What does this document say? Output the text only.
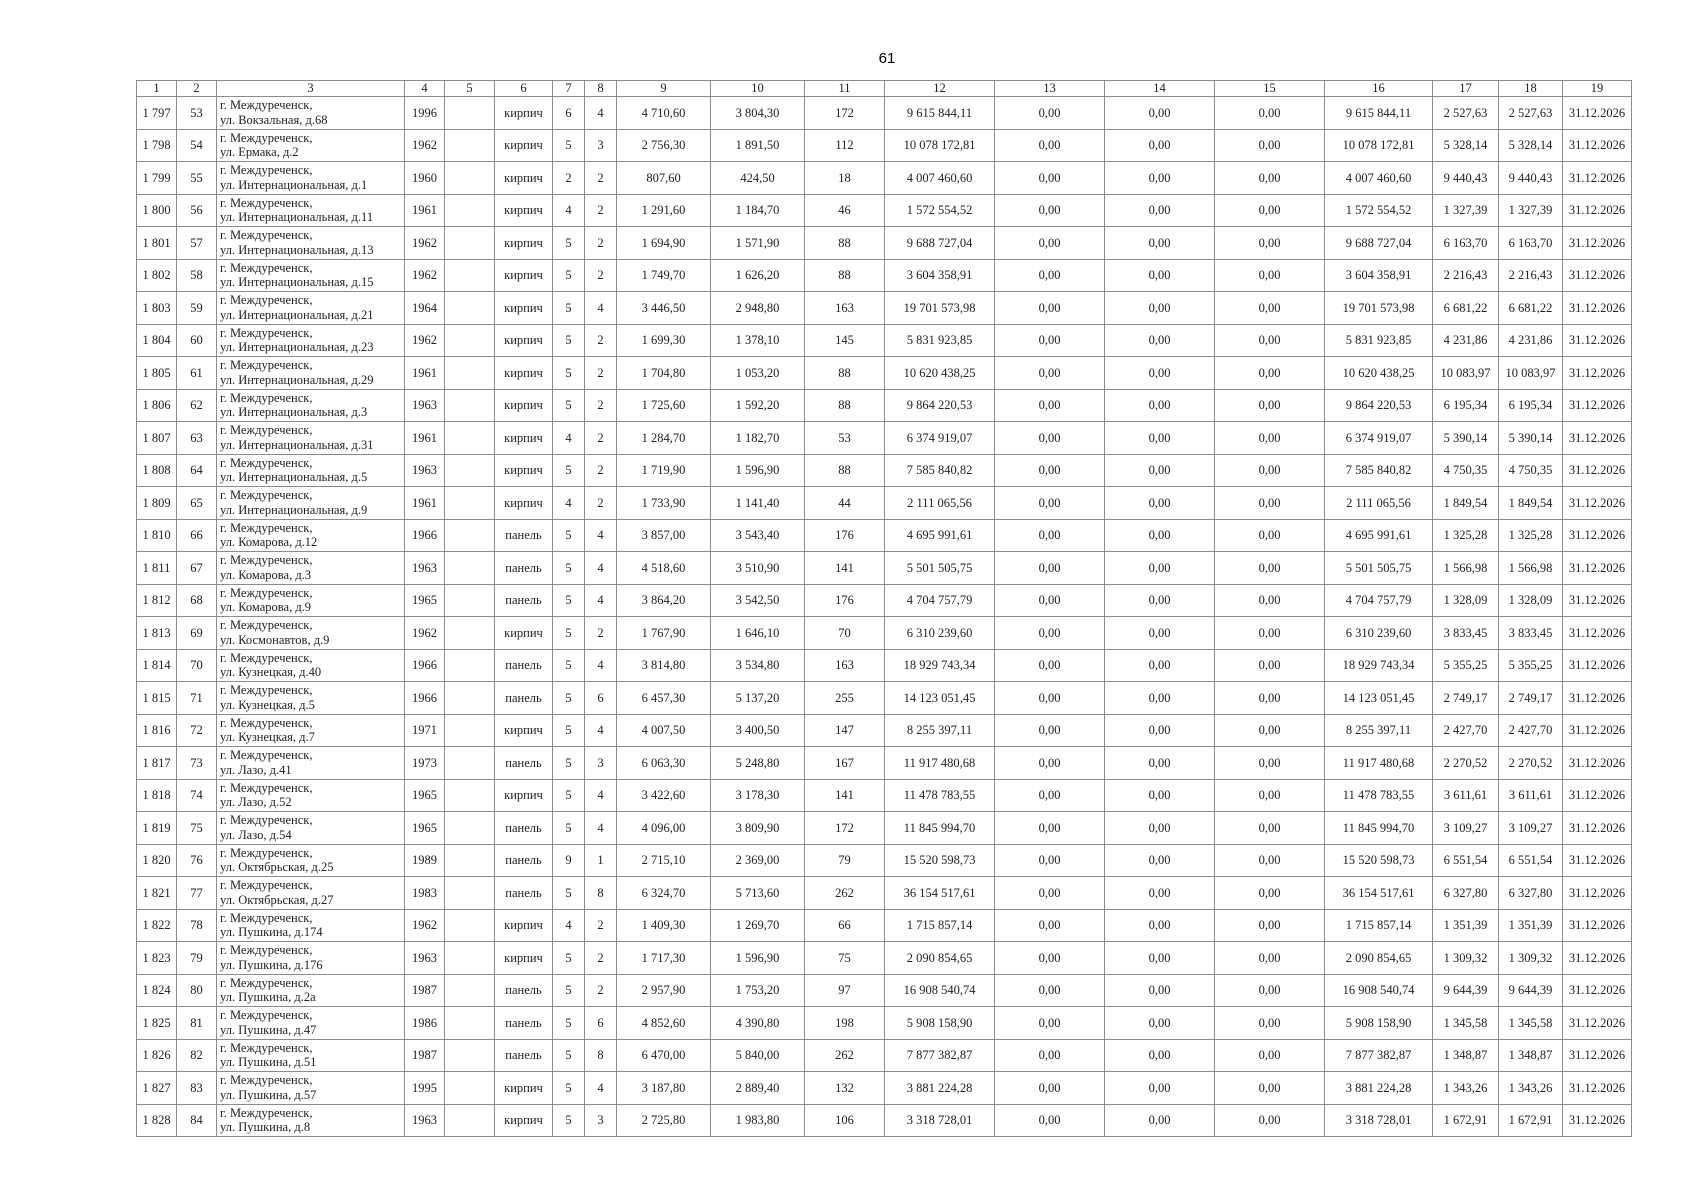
61
1	2	3	4	5	6	7	8	9	10	11	12	13	14	15	16	17	18	19
1 797	53	г. Междуреченск,
ул. Вокзальная, д.68	1996		кирпич	6	4	4 710,60	3 804,30	172	9 615 844,11	0,00	0,00	0,00	9 615 844,11	2 527,63	2 527,63	31.12.2026
1 798	54	г. Междуреченск,
ул. Ермака, д.2	1962		кирпич	5	3	2 756,30	1 891,50	112	10 078 172,81	0,00	0,00	0,00	10 078 172,81	5 328,14	5 328,14	31.12.2026
1 799	55	г. Междуреченск,
ул. Интернациональная, д.1	1960		кирпич	2	2	807,60	424,50	18	4 007 460,60	0,00	0,00	0,00	4 007 460,60	9 440,43	9 440,43	31.12.2026
1 800	56	г. Междуреченск,
ул. Интернациональная, д.11	1961		кирпич	4	2	1 291,60	1 184,70	46	1 572 554,52	0,00	0,00	0,00	1 572 554,52	1 327,39	1 327,39	31.12.2026
1 801	57	г. Междуреченск,
ул. Интернациональная, д.13	1962		кирпич	5	2	1 694,90	1 571,90	88	9 688 727,04	0,00	0,00	0,00	9 688 727,04	6 163,70	6 163,70	31.12.2026
1 802	58	г. Междуреченск,
ул. Интернациональная, д.15	1962		кирпич	5	2	1 749,70	1 626,20	88	3 604 358,91	0,00	0,00	0,00	3 604 358,91	2 216,43	2 216,43	31.12.2026
1 803	59	г. Междуреченск,
ул. Интернациональная, д.21	1964		кирпич	5	4	3 446,50	2 948,80	163	19 701 573,98	0,00	0,00	0,00	19 701 573,98	6 681,22	6 681,22	31.12.2026
1 804	60	г. Междуреченск,
ул. Интернациональная, д.23	1962		кирпич	5	2	1 699,30	1 378,10	145	5 831 923,85	0,00	0,00	0,00	5 831 923,85	4 231,86	4 231,86	31.12.2026
1 805	61	г. Междуреченск,
ул. Интернациональная, д.29	1961		кирпич	5	2	1 704,80	1 053,20	88	10 620 438,25	0,00	0,00	0,00	10 620 438,25	10 083,97	10 083,97	31.12.2026
1 806	62	г. Междуреченск,
ул. Интернациональная, д.3	1963		кирпич	5	2	1 725,60	1 592,20	88	9 864 220,53	0,00	0,00	0,00	9 864 220,53	6 195,34	6 195,34	31.12.2026
1 807	63	г. Междуреченск,
ул. Интернациональная, д.31	1961		кирпич	4	2	1 284,70	1 182,70	53	6 374 919,07	0,00	0,00	0,00	6 374 919,07	5 390,14	5 390,14	31.12.2026
1 808	64	г. Междуреченск,
ул. Интернациональная, д.5	1963		кирпич	5	2	1 719,90	1 596,90	88	7 585 840,82	0,00	0,00	0,00	7 585 840,82	4 750,35	4 750,35	31.12.2026
1 809	65	г. Междуреченск,
ул. Интернациональная, д.9	1961		кирпич	4	2	1 733,90	1 141,40	44	2 111 065,56	0,00	0,00	0,00	2 111 065,56	1 849,54	1 849,54	31.12.2026
1 810	66	г. Междуреченск,
ул. Комарова, д.12	1966		панель	5	4	3 857,00	3 543,40	176	4 695 991,61	0,00	0,00	0,00	4 695 991,61	1 325,28	1 325,28	31.12.2026
1 811	67	г. Междуреченск,
ул. Комарова, д.3	1963		панель	5	4	4 518,60	3 510,90	141	5 501 505,75	0,00	0,00	0,00	5 501 505,75	1 566,98	1 566,98	31.12.2026
1 812	68	г. Междуреченск,
ул. Комарова, д.9	1965		панель	5	4	3 864,20	3 542,50	176	4 704 757,79	0,00	0,00	0,00	4 704 757,79	1 328,09	1 328,09	31.12.2026
1 813	69	г. Междуреченск,
ул. Космонавтов, д.9	1962		кирпич	5	2	1 767,90	1 646,10	70	6 310 239,60	0,00	0,00	0,00	6 310 239,60	3 833,45	3 833,45	31.12.2026
1 814	70	г. Междуреченск,
ул. Кузнецкая, д.40	1966		панель	5	4	3 814,80	3 534,80	163	18 929 743,34	0,00	0,00	0,00	18 929 743,34	5 355,25	5 355,25	31.12.2026
1 815	71	г. Междуреченск,
ул. Кузнецкая, д.5	1966		панель	5	6	6 457,30	5 137,20	255	14 123 051,45	0,00	0,00	0,00	14 123 051,45	2 749,17	2 749,17	31.12.2026
1 816	72	г. Междуреченск,
ул. Кузнецкая, д.7	1971		кирпич	5	4	4 007,50	3 400,50	147	8 255 397,11	0,00	0,00	0,00	8 255 397,11	2 427,70	2 427,70	31.12.2026
1 817	73	г. Междуреченск,
ул. Лазо, д.41	1973		панель	5	3	6 063,30	5 248,80	167	11 917 480,68	0,00	0,00	0,00	11 917 480,68	2 270,52	2 270,52	31.12.2026
1 818	74	г. Междуреченск,
ул. Лазо, д.52	1965		кирпич	5	4	3 422,60	3 178,30	141	11 478 783,55	0,00	0,00	0,00	11 478 783,55	3 611,61	3 611,61	31.12.2026
1 819	75	г. Междуреченск,
ул. Лазо, д.54	1965		панель	5	4	4 096,00	3 809,90	172	11 845 994,70	0,00	0,00	0,00	11 845 994,70	3 109,27	3 109,27	31.12.2026
1 820	76	г. Междуреченск,
ул. Октябрьская, д.25	1989		панель	9	1	2 715,10	2 369,00	79	15 520 598,73	0,00	0,00	0,00	15 520 598,73	6 551,54	6 551,54	31.12.2026
1 821	77	г. Междуреченск,
ул. Октябрьская, д.27	1983		панель	5	8	6 324,70	5 713,60	262	36 154 517,61	0,00	0,00	0,00	36 154 517,61	6 327,80	6 327,80	31.12.2026
1 822	78	г. Междуреченск,
ул. Пушкина, д.174	1962		кирпич	4	2	1 409,30	1 269,70	66	1 715 857,14	0,00	0,00	0,00	1 715 857,14	1 351,39	1 351,39	31.12.2026
1 823	79	г. Междуреченск,
ул. Пушкина, д.176	1963		кирпич	5	2	1 717,30	1 596,90	75	2 090 854,65	0,00	0,00	0,00	2 090 854,65	1 309,32	1 309,32	31.12.2026
1 824	80	г. Междуреченск,
ул. Пушкина, д.2а	1987		панель	5	2	2 957,90	1 753,20	97	16 908 540,74	0,00	0,00	0,00	16 908 540,74	9 644,39	9 644,39	31.12.2026
1 825	81	г. Междуреченск,
ул. Пушкина, д.47	1986		панель	5	6	4 852,60	4 390,80	198	5 908 158,90	0,00	0,00	0,00	5 908 158,90	1 345,58	1 345,58	31.12.2026
1 826	82	г. Междуреченск,
ул. Пушкина, д.51	1987		панель	5	8	6 470,00	5 840,00	262	7 877 382,87	0,00	0,00	0,00	7 877 382,87	1 348,87	1 348,87	31.12.2026
1 827	83	г. Междуреченск,
ул. Пушкина, д.57	1995		кирпич	5	4	3 187,80	2 889,40	132	3 881 224,28	0,00	0,00	0,00	3 881 224,28	1 343,26	1 343,26	31.12.2026
1 828	84	г. Междуреченск,
ул. Пушкина, д.8	1963		кирпич	5	3	2 725,80	1 983,80	106	3 318 728,01	0,00	0,00	0,00	3 318 728,01	1 672,91	1 672,91	31.12.2026
